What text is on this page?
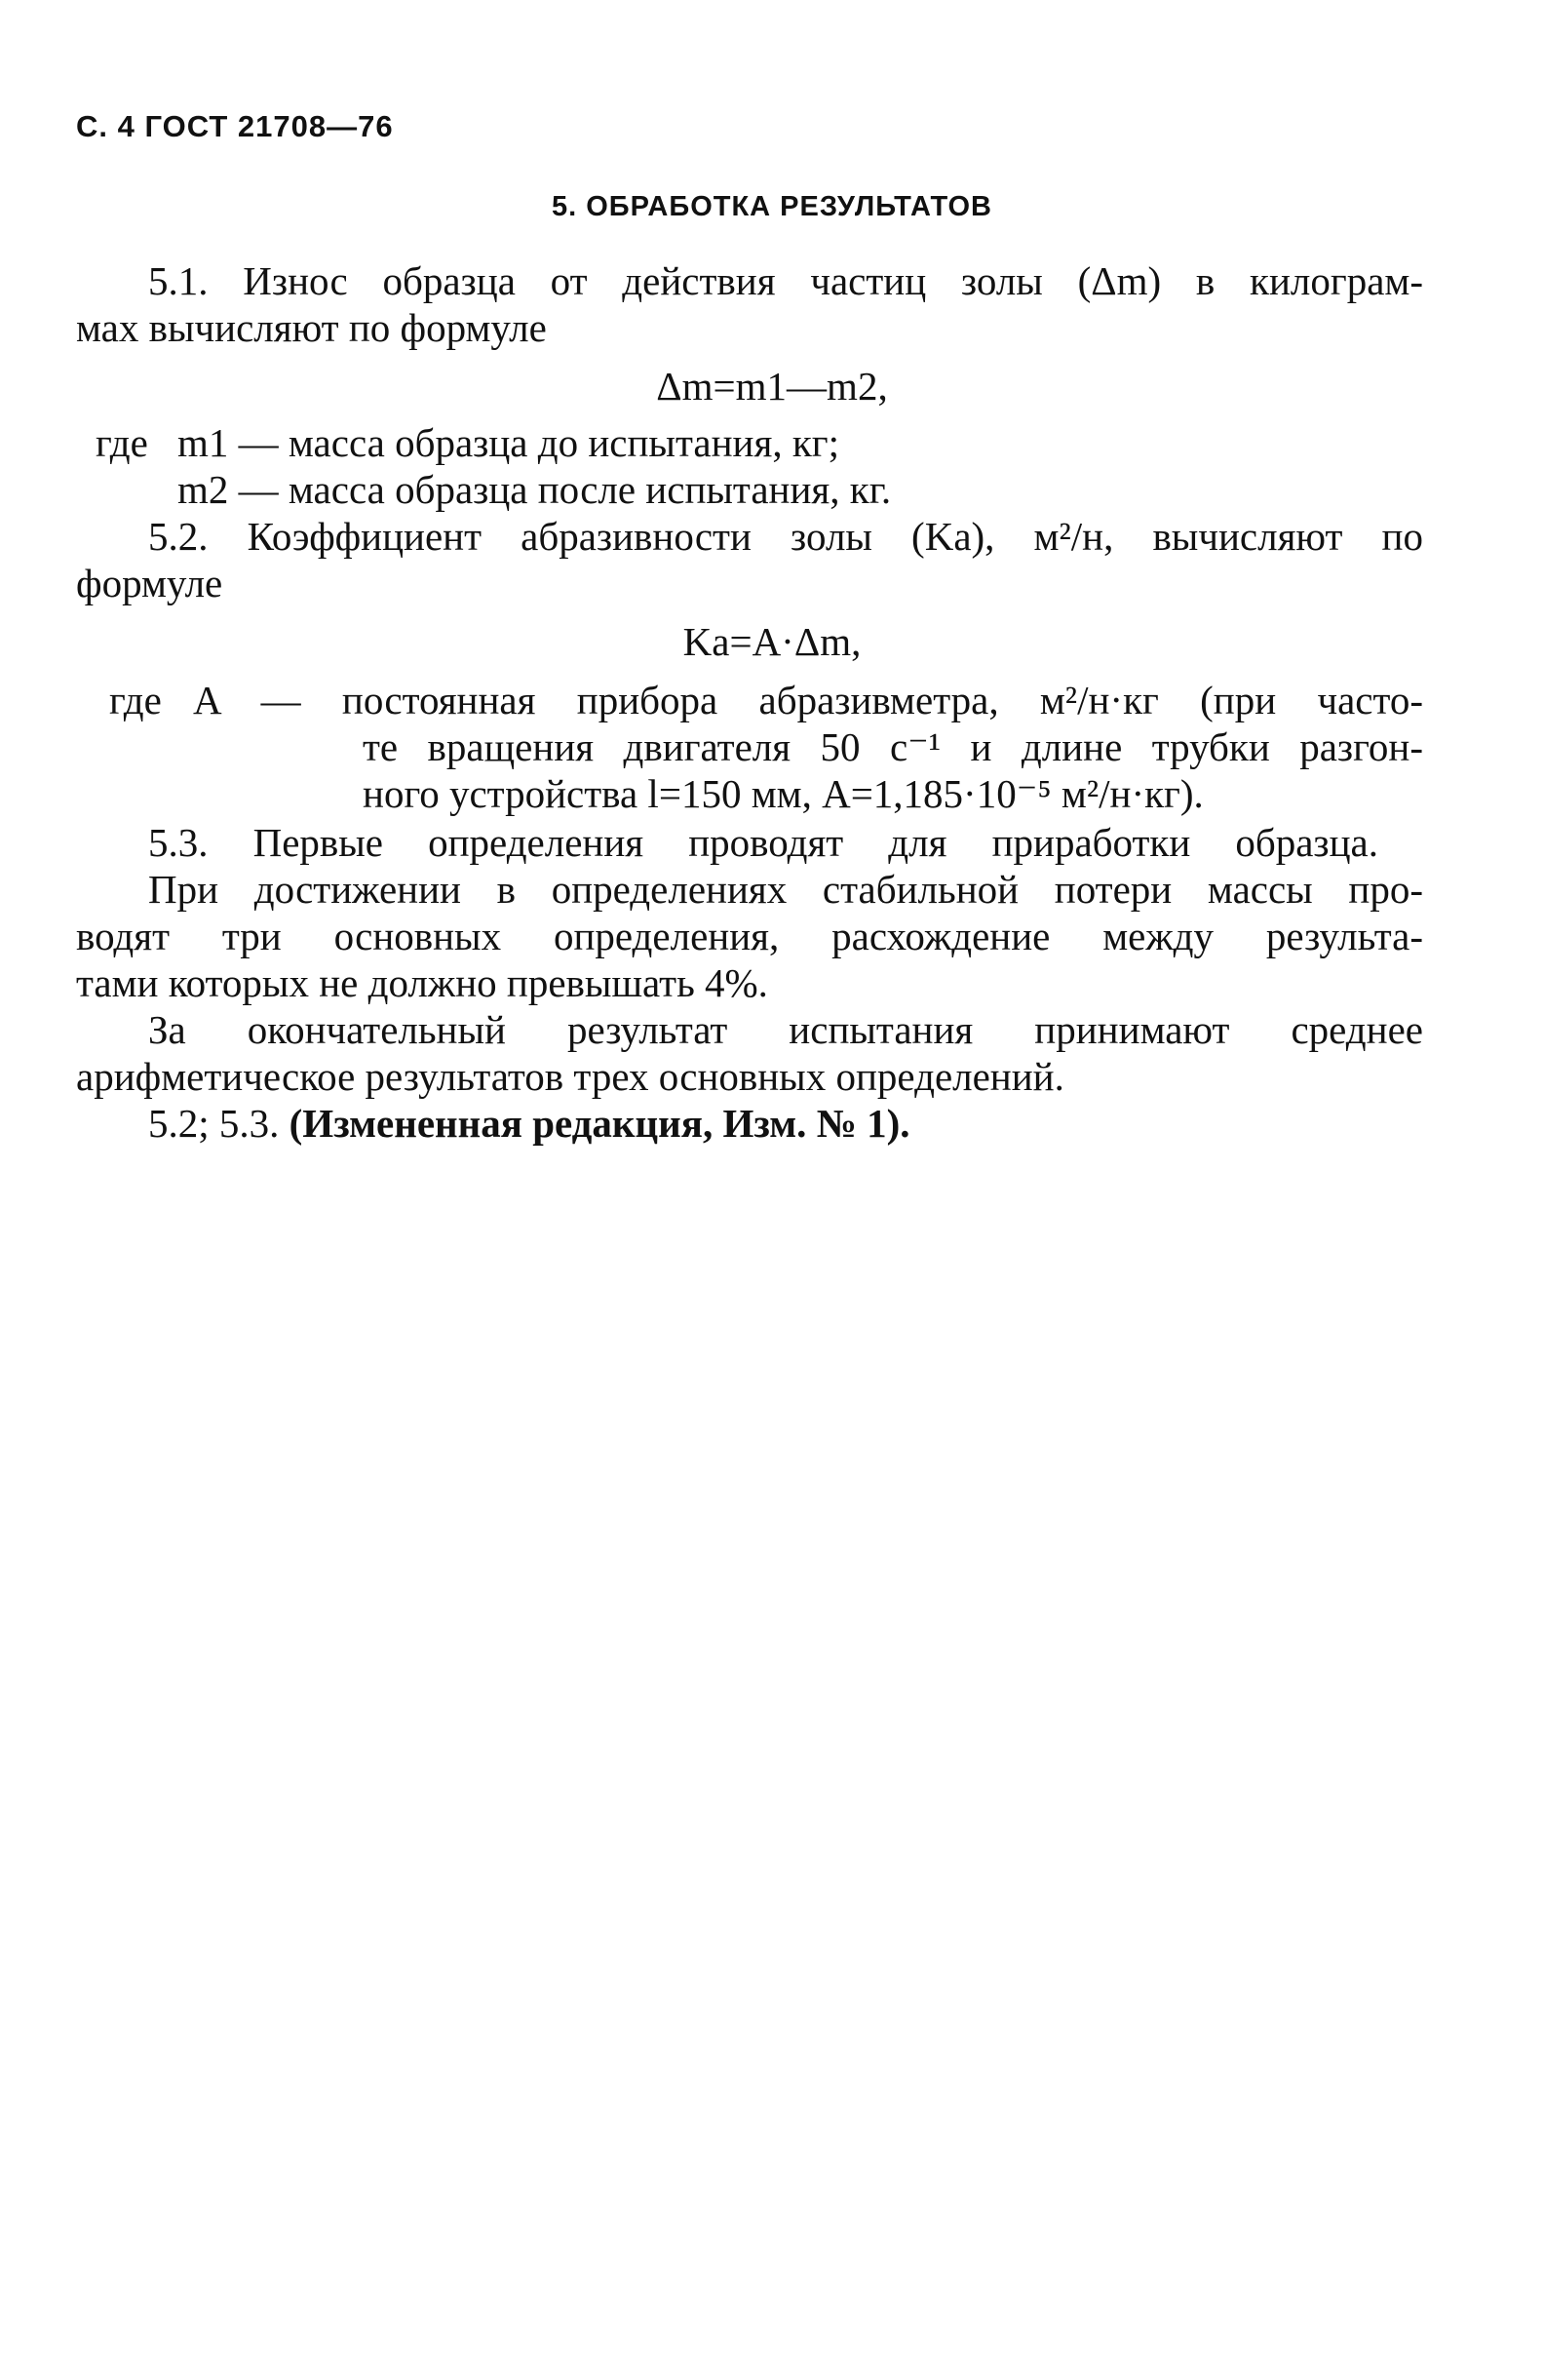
С. 4 ГОСТ 21708—76
5. ОБРАБОТКА РЕЗУЛЬТАТОВ
5.1. Износ образца от действия частиц золы (Δm) в килограм-
мах вычисляют по формуле
Δm=m1—m2,
где m1 — масса образца до испытания, кг;
m2 — масса образца после испытания, кг.
5.2. Коэффициент абразивности золы (Kа), м²/н, вычисляют по
формуле
Kа=A·Δm,
где A — постоянная прибора абразивметра, м²/н·кг (при часто-
те вращения двигателя 50 с⁻¹ и длине трубки разгон-
ного устройства l=150 мм, A=1,185·10⁻⁵ м²/н·кг).
5.3. Первые определения проводят для приработки образца.
При достижении в определениях стабильной потери массы про-
водят три основных определения, расхождение между результа-
тами которых не должно превышать 4%.
За окончательный результат испытания принимают среднее
арифметическое результатов трех основных определений.
5.2; 5.3. (Измененная редакция, Изм. № 1).
